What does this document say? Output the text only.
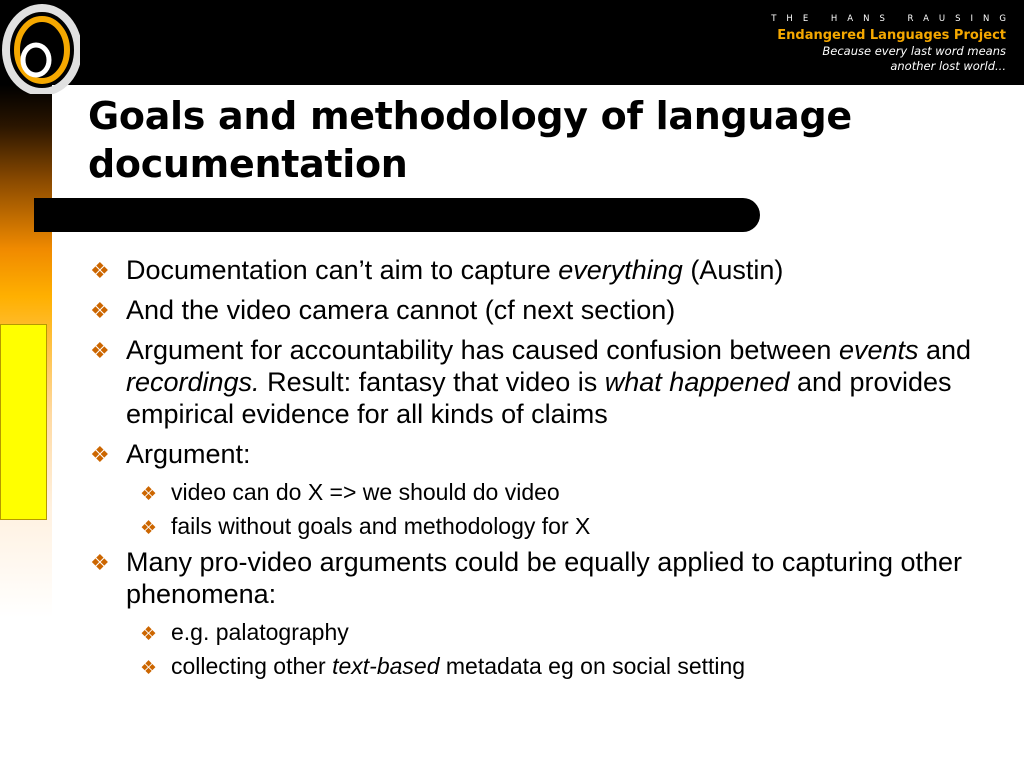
THE HANS RAUSING
Endangered Languages Project
Because every last word means
another lost world...
Goals and methodology of language documentation
❖ Documentation can’t aim to capture everything (Austin)
❖ And the video camera cannot (cf next section)
❖ Argument for accountability has caused confusion between events and recordings. Result: fantasy that video is what happened and provides empirical evidence for all kinds of claims
❖ Argument:
❖ video can do X => we should do video
❖ fails without goals and methodology for X
❖ Many pro-video arguments could be equally applied to capturing other phenomena:
❖ e.g. palatography
❖ collecting other text-based metadata eg on social setting
